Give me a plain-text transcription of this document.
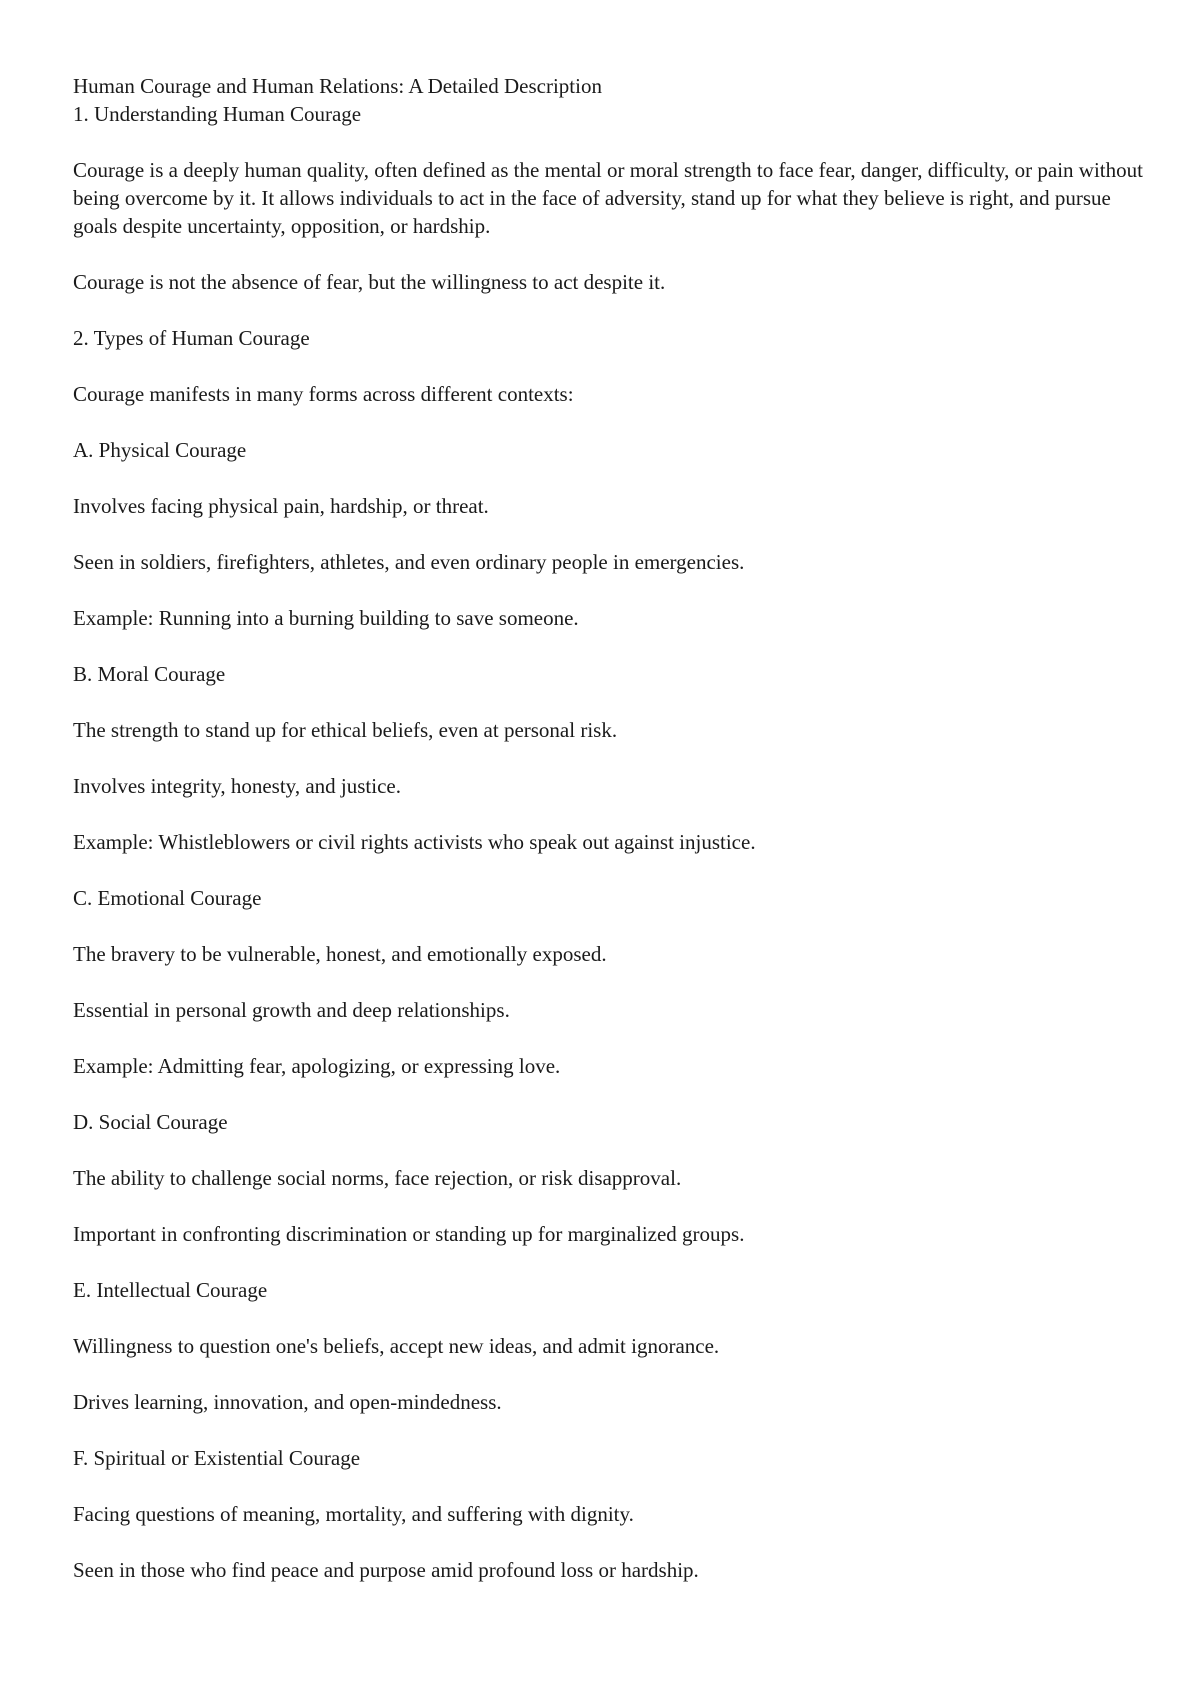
Human Courage and Human Relations: A Detailed Description

1. Understanding Human Courage

Courage is a deeply human quality, often defined as the mental or moral strength to face fear, danger, difficulty, or pain without being overcome by it. It allows individuals to act in the face of adversity, stand up for what they believe is right, and pursue goals despite uncertainty, opposition, or hardship.

Courage is not the absence of fear, but the willingness to act despite it.

2. Types of Human Courage

Courage manifests in many forms across different contexts:

A. Physical Courage

Involves facing physical pain, hardship, or threat.

Seen in soldiers, firefighters, athletes, and even ordinary people in emergencies.

Example: Running into a burning building to save someone.

B. Moral Courage

The strength to stand up for ethical beliefs, even at personal risk.

Involves integrity, honesty, and justice.

Example: Whistleblowers or civil rights activists who speak out against injustice.

C. Emotional Courage

The bravery to be vulnerable, honest, and emotionally exposed.

Essential in personal growth and deep relationships.

Example: Admitting fear, apologizing, or expressing love.

D. Social Courage

The ability to challenge social norms, face rejection, or risk disapproval.

Important in confronting discrimination or standing up for marginalized groups.

E. Intellectual Courage

Willingness to question one's beliefs, accept new ideas, and admit ignorance.

Drives learning, innovation, and open-mindedness.

F. Spiritual or Existential Courage

Facing questions of meaning, mortality, and suffering with dignity.

Seen in those who find peace and purpose amid profound loss or hardship.
